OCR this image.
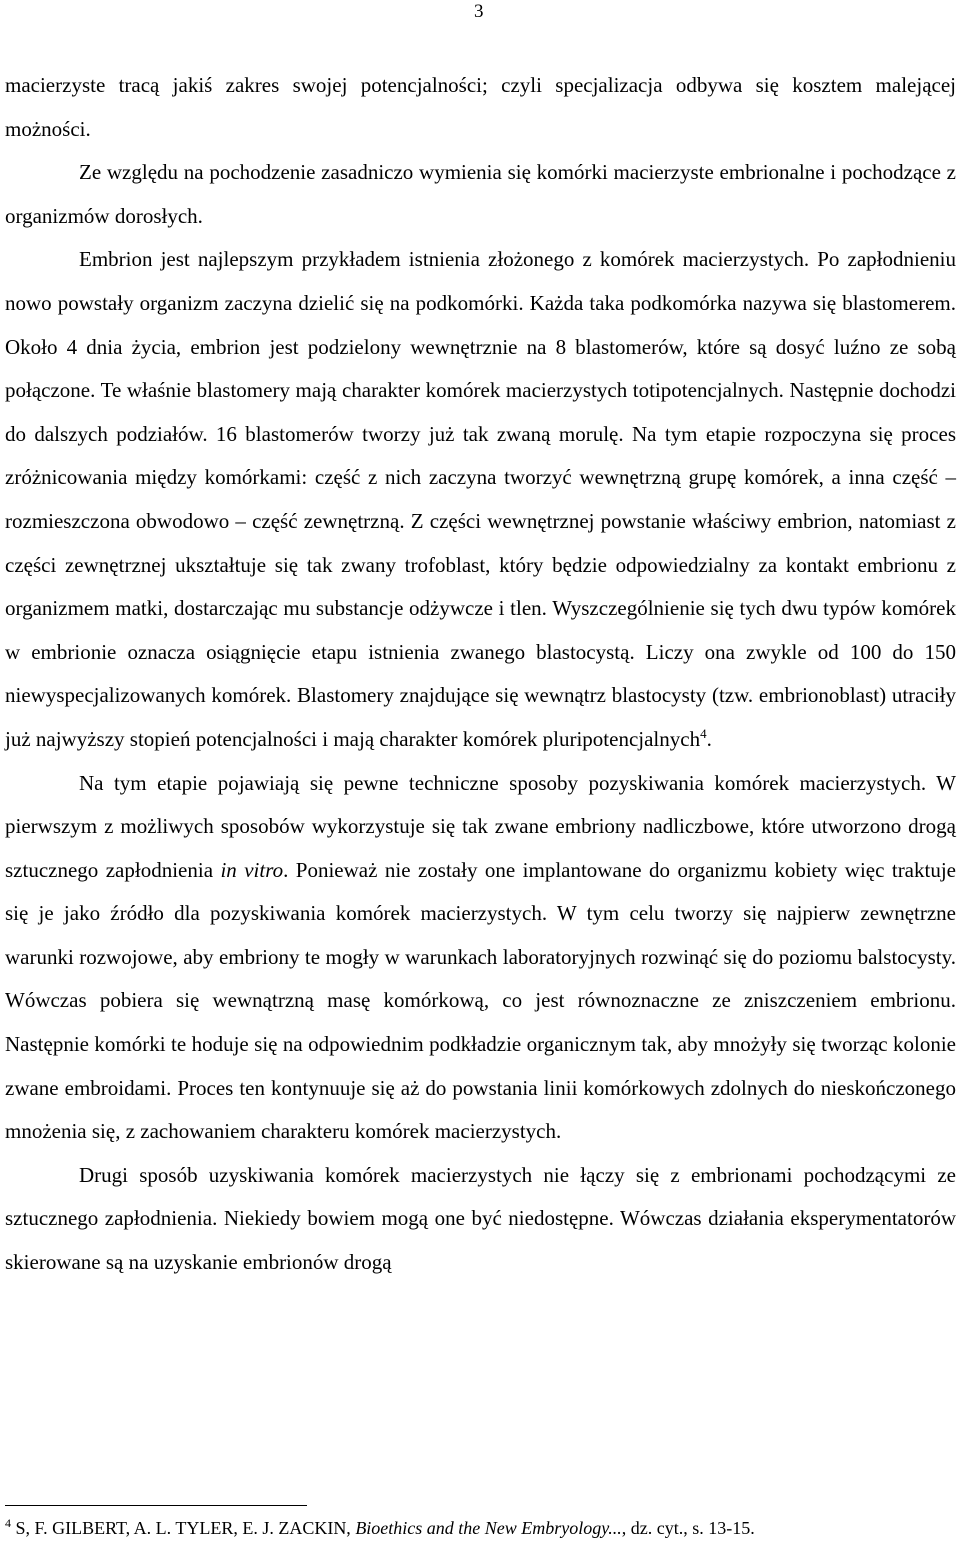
3

macierzyste tracą jakiś zakres swojej potencjalności; czyli specjalizacja odbywa się kosztem malejącej możności.

Ze względu na pochodzenie zasadniczo wymienia się komórki macierzyste embrionalne i pochodzące z organizmów dorosłych.

Embrion jest najlepszym przykładem istnienia złożonego z komórek macierzystych. Po zapłodnieniu nowo powstały organizm zaczyna dzielić się na podkomórki. Każda taka podkomórka nazywa się blastomerem. Około 4 dnia życia, embrion jest podzielony wewnętrznie na 8 blastomerów, które są dosyć luźno ze sobą połączone. Te właśnie blastomery mają charakter komórek macierzystych totipotencjalnych. Następnie dochodzi do dalszych podziałów. 16 blastomerów tworzy już tak zwaną morulę. Na tym etapie rozpoczyna się proces zróżnicowania między komórkami: część z nich zaczyna tworzyć wewnętrzną grupę komórek, a inna część – rozmieszczona obwodowo – część zewnętrzną. Z części wewnętrznej powstanie właściwy embrion, natomiast z części zewnętrznej ukształtuje się tak zwany trofoblast, który będzie odpowiedzialny za kontakt embrionu z organizmem matki, dostarczając mu substancje odżywcze i tlen. Wyszczególnienie się tych dwu typów komórek w embrionie oznacza osiągnięcie etapu istnienia zwanego blastocystą. Liczy ona zwykle od 100 do 150 niewyspecjalizowanych komórek. Blastomery znajdujące się wewnątrz blastocysty (tzw. embrionoblast) utraciły już najwyższy stopień potencjalności i mają charakter komórek pluripotencjalnych$^4$.

Na tym etapie pojawiają się pewne techniczne sposoby pozyskiwania komórek macierzystych. W pierwszym z możliwych sposobów wykorzystuje się tak zwane embriony nadliczbowe, które utworzono drogą sztucznego zapłodnienia in vitro. Ponieważ nie zostały one implantowane do organizmu kobiety więc traktuje się je jako źródło dla pozyskiwania komórek macierzystych. W tym celu tworzy się najpierw zewnętrzne warunki rozwojowe, aby embriony te mogły w warunkach laboratoryjnych rozwinąć się do poziomu balstocysty. Wówczas pobiera się wewnątrzną masę komórkową, co jest równoznaczne ze zniszczeniem embrionu. Następnie komórki te hoduje się na odpowiednim podkładzie organicznym tak, aby mnożyły się tworząc kolonie zwane embroidami. Proces ten kontynuuje się aż do powstania linii komórkowych zdolnych do nieskończonego mnożenia się, z zachowaniem charakteru komórek macierzystych.

Drugi sposób uzyskiwania komórek macierzystych nie łączy się z embrionami pochodzącymi ze sztucznego zapłodnienia. Niekiedy bowiem mogą one być niedostępne. Wówczas działania eksperymentatorów skierowane są na uzyskanie embrionów drogą

$^4$ S, F. GILBERT, A. L. TYLER, E. J. ZACKIN, Bioethics and the New Embryology..., dz. cyt., s. 13-15.
